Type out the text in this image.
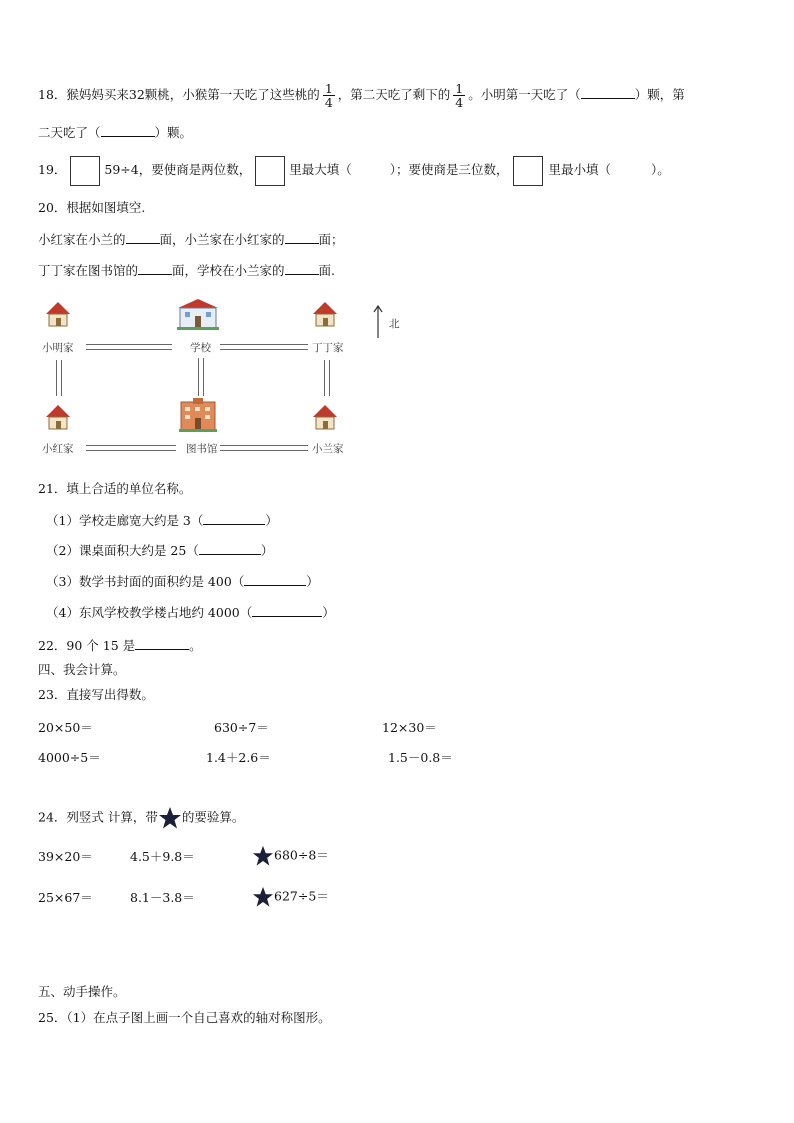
18．猴妈妈买来32颗桃，小猴第一天吃了这些桃的 $\frac{1}{4}$ ，第二天吃了剩下的 $\frac{1}{4}$ 。小明第一天吃了（	）颗，第
二天吃了（	）颗。
19．	59÷4，要使商是两位数，	里最大填（	）；要使商是三位数，	里最小填（	）。
20．根据如图填空.
小红家在小兰的	面，小兰家在小红家的	面；
丁丁家在图书馆的	面，学校在小兰家的	面.
北
小明家	学校	丁丁家
小红家	图书馆	小兰家
21．填上合适的单位名称。
（1）学校走廊宽大约是 3（	）
（2）课桌面积大约是 25（	）
（3）数学书封面的面积约是 400（	）
（4）东风学校教学楼占地约 4000（	）
22．90 个 15 是	。
四、我会计算。
23．直接写出得数。
20×50＝	630÷7＝	12×30＝
4000÷5＝	1.4＋2.6＝	1.5－0.8＝
24．列竖式 计算，带 的要验算。
39×20＝	4.5＋9.8＝	680÷8＝
25×67＝	8.1－3.8＝	627÷5＝
五、动手操作。
25．（1）在点子图上画一个自己喜欢的轴对称图形。
